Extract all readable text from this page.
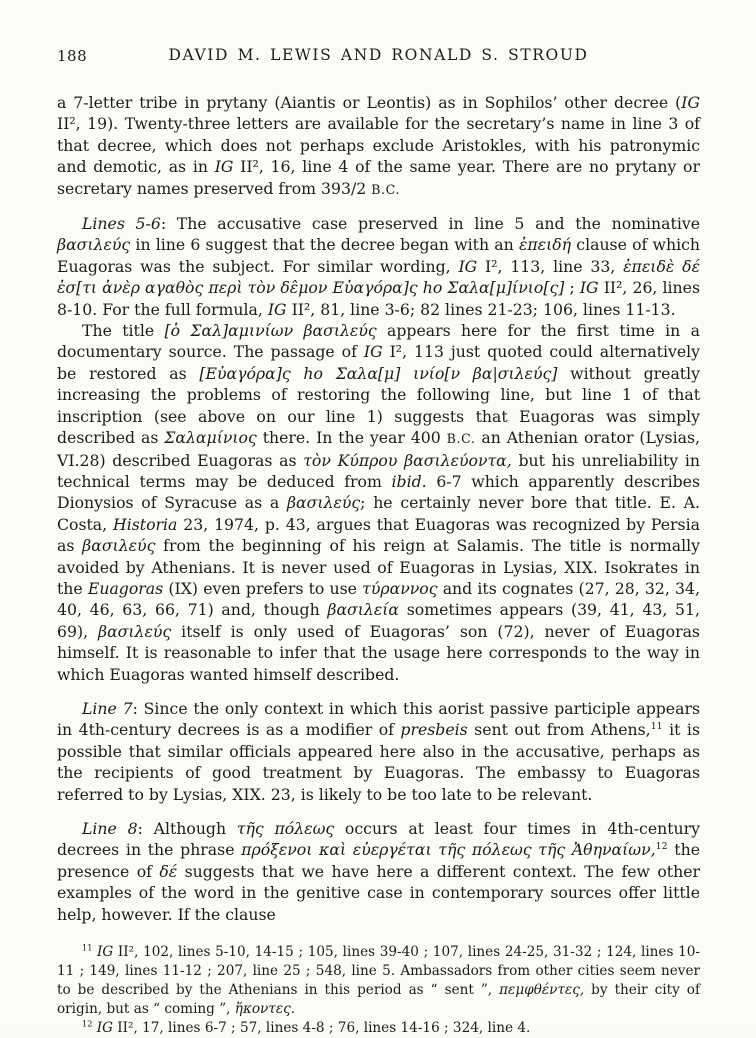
188	DAVID M. LEWIS AND RONALD S. STROUD

a 7-letter tribe in prytany (Aiantis or Leontis) as in Sophilos’ other decree (IG II², 19). Twenty-three letters are available for the secretary’s name in line 3 of that decree, which does not perhaps exclude Aristokles, with his patronymic and demotic, as in IG II², 16, line 4 of the same year. There are no prytany or secretary names preserved from 393/2 B.C.

Lines 5-6: The accusative case preserved in line 5 and the nominative βασιλεύς in line 6 suggest that the decree began with an ἐπειδή clause of which Euagoras was the subject. For similar wording, IG I², 113, line 33, ἐπειδὲ δέ ἐσ[τι ἀνὲρ αγαθὸς περὶ τὸν δε̂μον Εὐαγόρα]ς ho Σαλα[μ]ίνιο[ς] ; IG II², 26, lines 8-10. For the full formula, IG II², 81, line 3-6; 82 lines 21-23; 106, lines 11-13.

The title [ὁ Σαλ]αμινίων βασιλεύς appears here for the first time in a documentary source. The passage of IG I², 113 just quoted could alternatively be restored as [Εὐαγόρα]ς ho Σαλα[μ] ινίο[ν βα|σιλεύς] without greatly increasing the problems of restoring the following line, but line 1 of that inscription (see above on our line 1) suggests that Euagoras was simply described as Σαλαμίνιος there. In the year 400 B.C. an Athenian orator (Lysias, VI.28) described Euagoras as τὸν Κύπρου βασιλεύοντα, but his unreliability in technical terms may be deduced from ibid. 6-7 which apparently describes Dionysios of Syracuse as a βασιλεύς; he certainly never bore that title. E. A. Costa, Historia 23, 1974, p. 43, argues that Euagoras was recognized by Persia as βασιλεύς from the beginning of his reign at Salamis. The title is normally avoided by Athenians. It is never used of Euagoras in Lysias, XIX. Isokrates in the Euagoras (IX) even prefers to use τύραννος and its cognates (27, 28, 32, 34, 40, 46, 63, 66, 71) and, though βασιλεία sometimes appears (39, 41, 43, 51, 69), βασιλεύς itself is only used of Euagoras’ son (72), never of Euagoras himself. It is reasonable to infer that the usage here corresponds to the way in which Euagoras wanted himself described.

Line 7: Since the only context in which this aorist passive participle appears in 4th-century decrees is as a modifier of presbeis sent out from Athens,$^{11}$ it is possible that similar officials appeared here also in the accusative, perhaps as the recipients of good treatment by Euagoras. The embassy to Euagoras referred to by Lysias, XIX. 23, is likely to be too late to be relevant.

Line 8: Although τῆς πόλεως occurs at least four times in 4th-century decrees in the phrase πρόξενοι καὶ εὐεργέται τῆς πόλεως τῆς Ἀθηναίων,$^{12}$ the presence of δέ suggests that we have here a different context. The few other examples of the word in the genitive case in contemporary sources offer little help, however. If the clause

$^{11}$ IG II², 102, lines 5-10, 14-15 ; 105, lines 39-40 ; 107, lines 24-25, 31-32 ; 124, lines 10-11 ; 149, lines 11-12 ; 207, line 25 ; 548, line 5. Ambassadors from other cities seem never to be described by the Athenians in this period as “ sent ”, πεμφθέντες, by their city of origin, but as “ coming ”, ἥκοντες.

$^{12}$ IG II², 17, lines 6-7 ; 57, lines 4-8 ; 76, lines 14-16 ; 324, line 4.
